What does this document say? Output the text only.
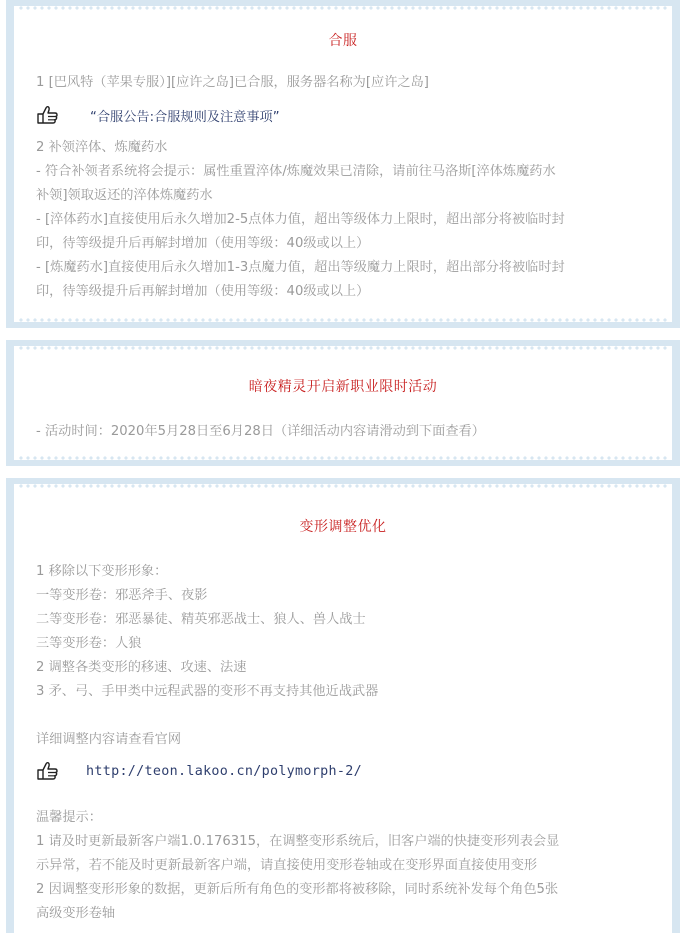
合服
1 [巴风特（苹果专服）][应许之岛]已合服，服务器名称为[应许之岛]
“合服公告:合服规则及注意事项”
2 补领淬体、炼魔药水
- 符合补领者系统将会提示：属性重置淬体/炼魔效果已清除，请前往马洛斯[淬体炼魔药水
补领]领取返还的淬体炼魔药水
- [淬体药水]直接使用后永久增加2-5点体力值，超出等级体力上限时，超出部分将被临时封
印，待等级提升后再解封增加（使用等级：40级或以上）
- [炼魔药水]直接使用后永久增加1-3点魔力值，超出等级魔力上限时，超出部分将被临时封
印，待等级提升后再解封增加（使用等级：40级或以上）
暗夜精灵开启新职业限时活动
- 活动时间：2020年5月28日至6月28日（详细活动内容请滑动到下面查看）
变形调整优化
1 移除以下变形形象：
一等变形卷：邪恶斧手、夜影
二等变形卷：邪恶暴徒、精英邪恶战士、狼人、兽人战士
三等变形卷：人狼
2 调整各类变形的移速、攻速、法速
3 矛、弓、手甲类中远程武器的变形不再支持其他近战武器
详细调整内容请查看官网
http://teon.lakoo.cn/polymorph-2/
温馨提示：
1 请及时更新最新客户端1.0.176315，在调整变形系统后，旧客户端的快捷变形列表会显
示异常，若不能及时更新最新客户端，请直接使用变形卷轴或在变形界面直接使用变形
2 因调整变形形象的数据，更新后所有角色的变形都将被移除，同时系统补发每个角色5张
高级变形卷轴
